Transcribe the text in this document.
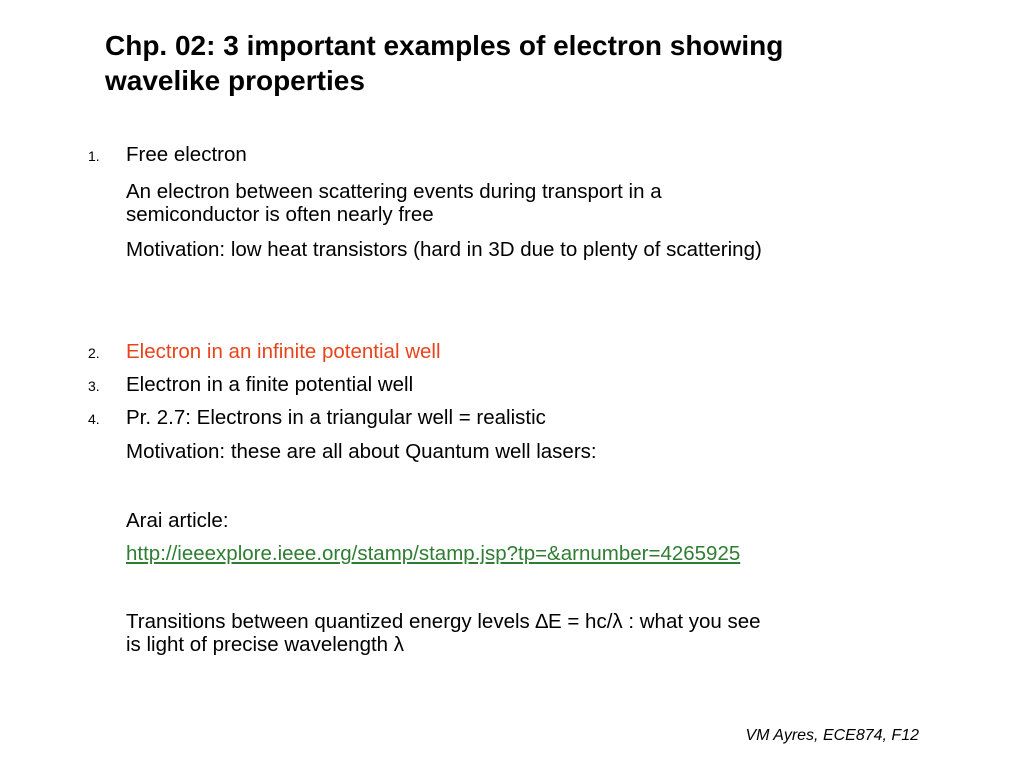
Chp. 02: 3 important examples of electron showing
wavelike properties
1. Free electron
An electron between scattering events during transport in a
semiconductor is often nearly free
Motivation: low heat transistors (hard in 3D due to plenty of scattering)
2. Electron in an infinite potential well
3. Electron in a finite potential well
4. Pr. 2.7: Electrons in a triangular well = realistic
Motivation: these are all about Quantum well lasers:
Arai article:
http://ieeexplore.ieee.org/stamp/stamp.jsp?tp=&arnumber=4265925
Transitions between quantized energy levels ∆E = hc/λ : what you see
is light of precise wavelength λ
VM Ayres, ECE874, F12
